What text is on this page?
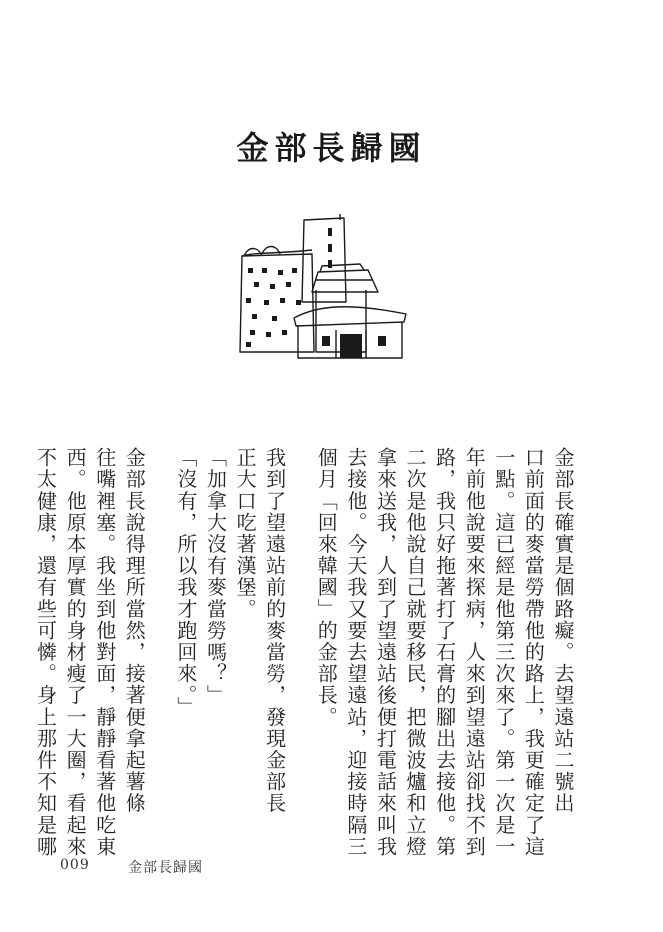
金部長歸國
金部長確實是個路癡。去望遠站二號出
口前面的麥當勞帶他的路上，我更確定了這
一點。這已經是他第三次來了。第一次是一
年前他說要來探病，人來到望遠站卻找不到
路，我只好拖著打了石膏的腳出去接他。第
二次是他說自己就要移民，把微波爐和立燈
拿來送我，人到了望遠站後便打電話來叫我
去接他。今天我又要去望遠站，迎接時隔三
個月「回來韓國」的金部長。
我到了望遠站前的麥當勞，發現金部長
正大口吃著漢堡。
「加拿大沒有麥當勞嗎？」
「沒有，所以我才跑回來。」
金部長說得理所當然，接著便拿起薯條
往嘴裡塞。我坐到他對面，靜靜看著他吃東
西。他原本厚實的身材瘦了一大圈，看起來
不太健康，還有些可憐。身上那件不知是哪
009	金部長歸國
